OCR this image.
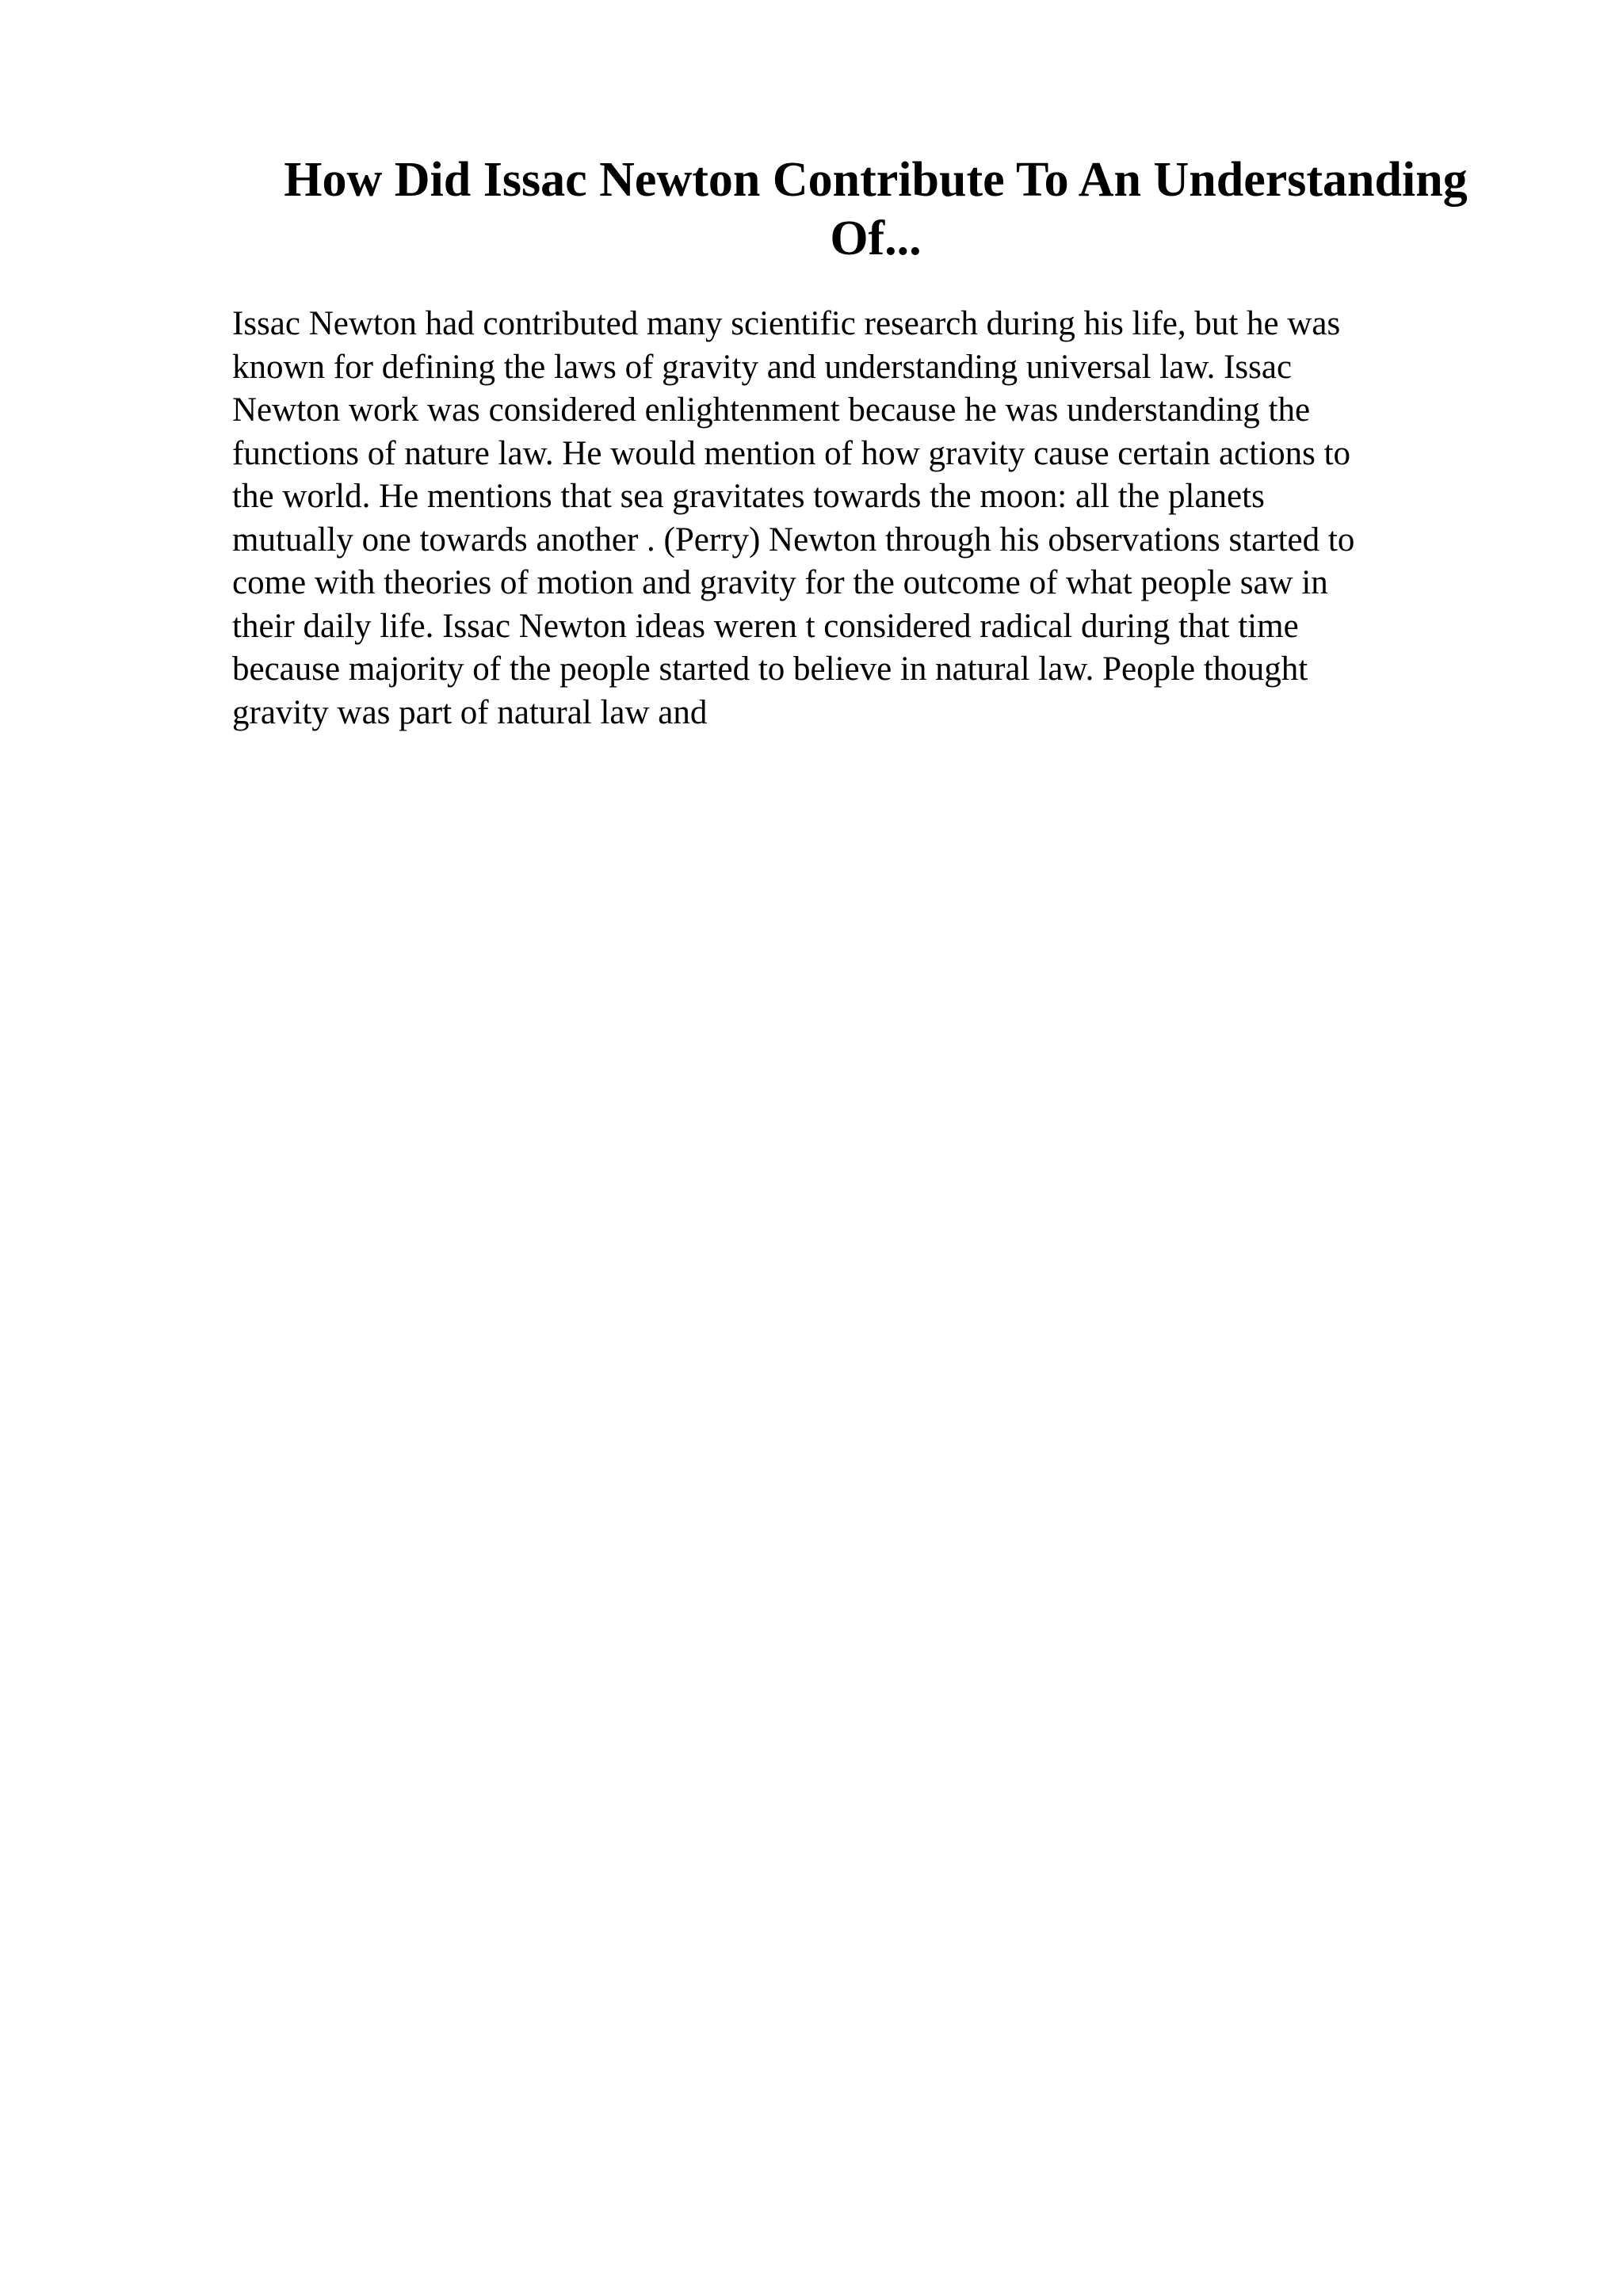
How Did Issac Newton Contribute To An Understanding
Of...
Issac Newton had contributed many scientific research during his life, but he was
known for defining the laws of gravity and understanding universal law. Issac
Newton work was considered enlightenment because he was understanding the
functions of nature law. He would mention of how gravity cause certain actions to
the world. He mentions that sea gravitates towards the moon: all the planets
mutually one towards another . (Perry) Newton through his observations started to
come with theories of motion and gravity for the outcome of what people saw in
their daily life. Issac Newton ideas weren t considered radical during that time
because majority of the people started to believe in natural law. People thought
gravity was part of natural law and
